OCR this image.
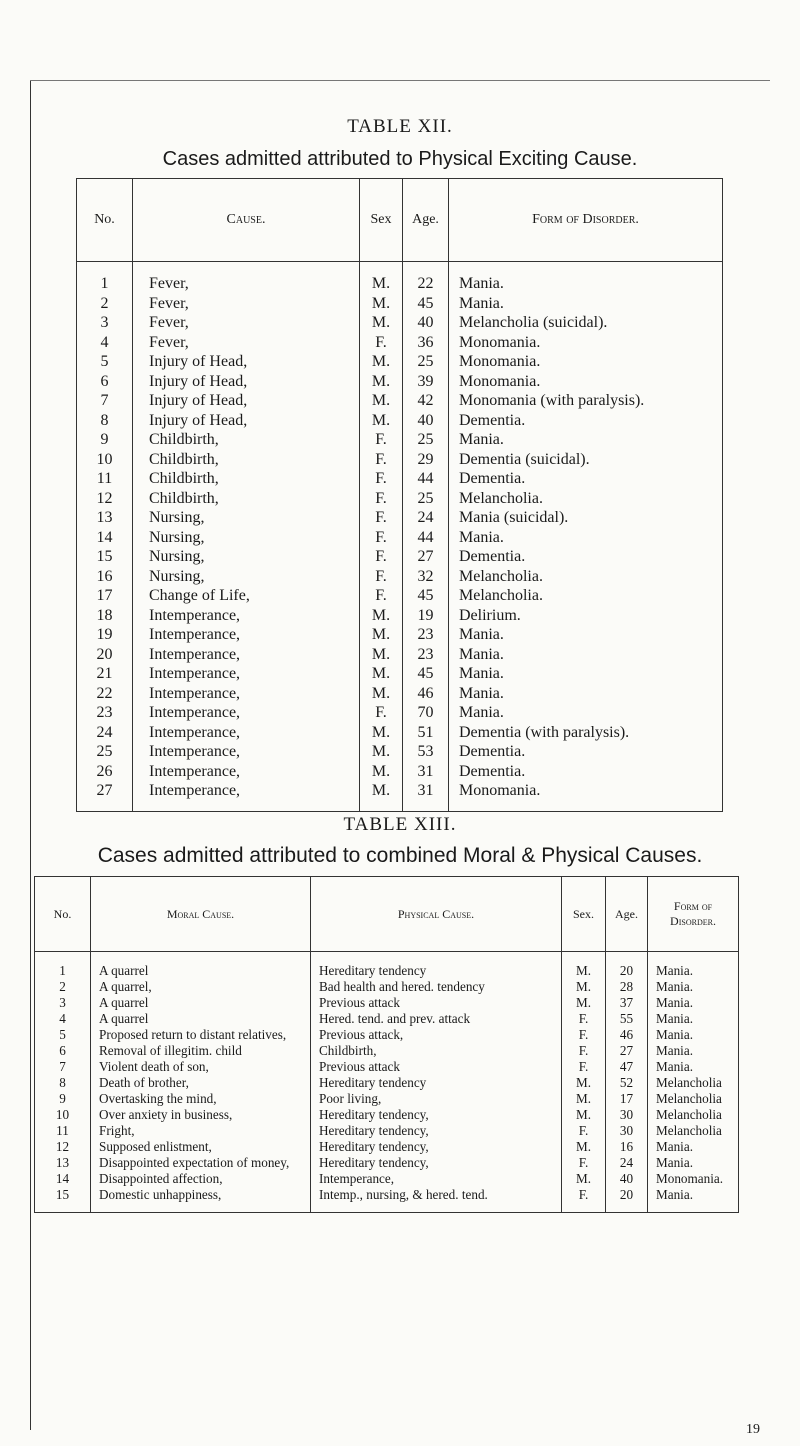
TABLE XII.
Cases admitted attributed to Physical Exciting Cause.
No.	Cause.	Sex	Age.	Form of Disorder.
1	Fever,	M.	22	Mania.
2	Fever,	M.	45	Mania.
3	Fever,	M.	40	Melancholia (suicidal).
4	Fever,	F.	36	Monomania.
5	Injury of Head,	M.	25	Monomania.
6	Injury of Head,	M.	39	Monomania.
7	Injury of Head,	M.	42	Monomania (with paralysis).
8	Injury of Head,	M.	40	Dementia.
9	Childbirth,	F.	25	Mania.
10	Childbirth,	F.	29	Dementia (suicidal).
11	Childbirth,	F.	44	Dementia.
12	Childbirth,	F.	25	Melancholia.
13	Nursing,	F.	24	Mania (suicidal).
14	Nursing,	F.	44	Mania.
15	Nursing,	F.	27	Dementia.
16	Nursing,	F.	32	Melancholia.
17	Change of Life,	F.	45	Melancholia.
18	Intemperance,	M.	19	Delirium.
19	Intemperance,	M.	23	Mania.
20	Intemperance,	M.	23	Mania.
21	Intemperance,	M.	45	Mania.
22	Intemperance,	M.	46	Mania.
23	Intemperance,	F.	70	Mania.
24	Intemperance,	M.	51	Dementia (with paralysis).
25	Intemperance,	M.	53	Dementia.
26	Intemperance,	M.	31	Dementia.
27	Intemperance,	M.	31	Monomania.

TABLE XIII.
Cases admitted attributed to combined Moral & Physical Causes.
No.	Moral Cause.	Physical Cause.	Sex.	Age.	Form of Disorder.
1	A quarrel	Hereditary tendency	M.	20	Mania.
2	A quarrel,	Bad health and hered. tendency	M.	28	Mania.
3	A quarrel	Previous attack	M.	37	Mania.
4	A quarrel	Hered. tend. and prev. attack	F.	55	Mania.
5	Proposed return to distant relatives,	Previous attack,	F.	46	Mania.
6	Removal of illegitim. child	Childbirth,	F.	27	Mania.
7	Violent death of son,	Previous attack	F.	47	Mania.
8	Death of brother,	Hereditary tendency	M.	52	Melancholia
9	Overtasking the mind,	Poor living,	M.	17	Melancholia
10	Over anxiety in business,	Hereditary tendency,	M.	30	Melancholia
11	Fright,	Hereditary tendency,	F.	30	Melancholia
12	Supposed enlistment,	Hereditary tendency,	M.	16	Mania.
13	Disappointed expectation of money,	Hereditary tendency,	F.	24	Mania.
14	Disappointed affection,	Intemperance,	M.	40	Monomania.
15	Domestic unhappiness,	Intemp., nursing, & hered. tend.	F.	20	Mania.

19
